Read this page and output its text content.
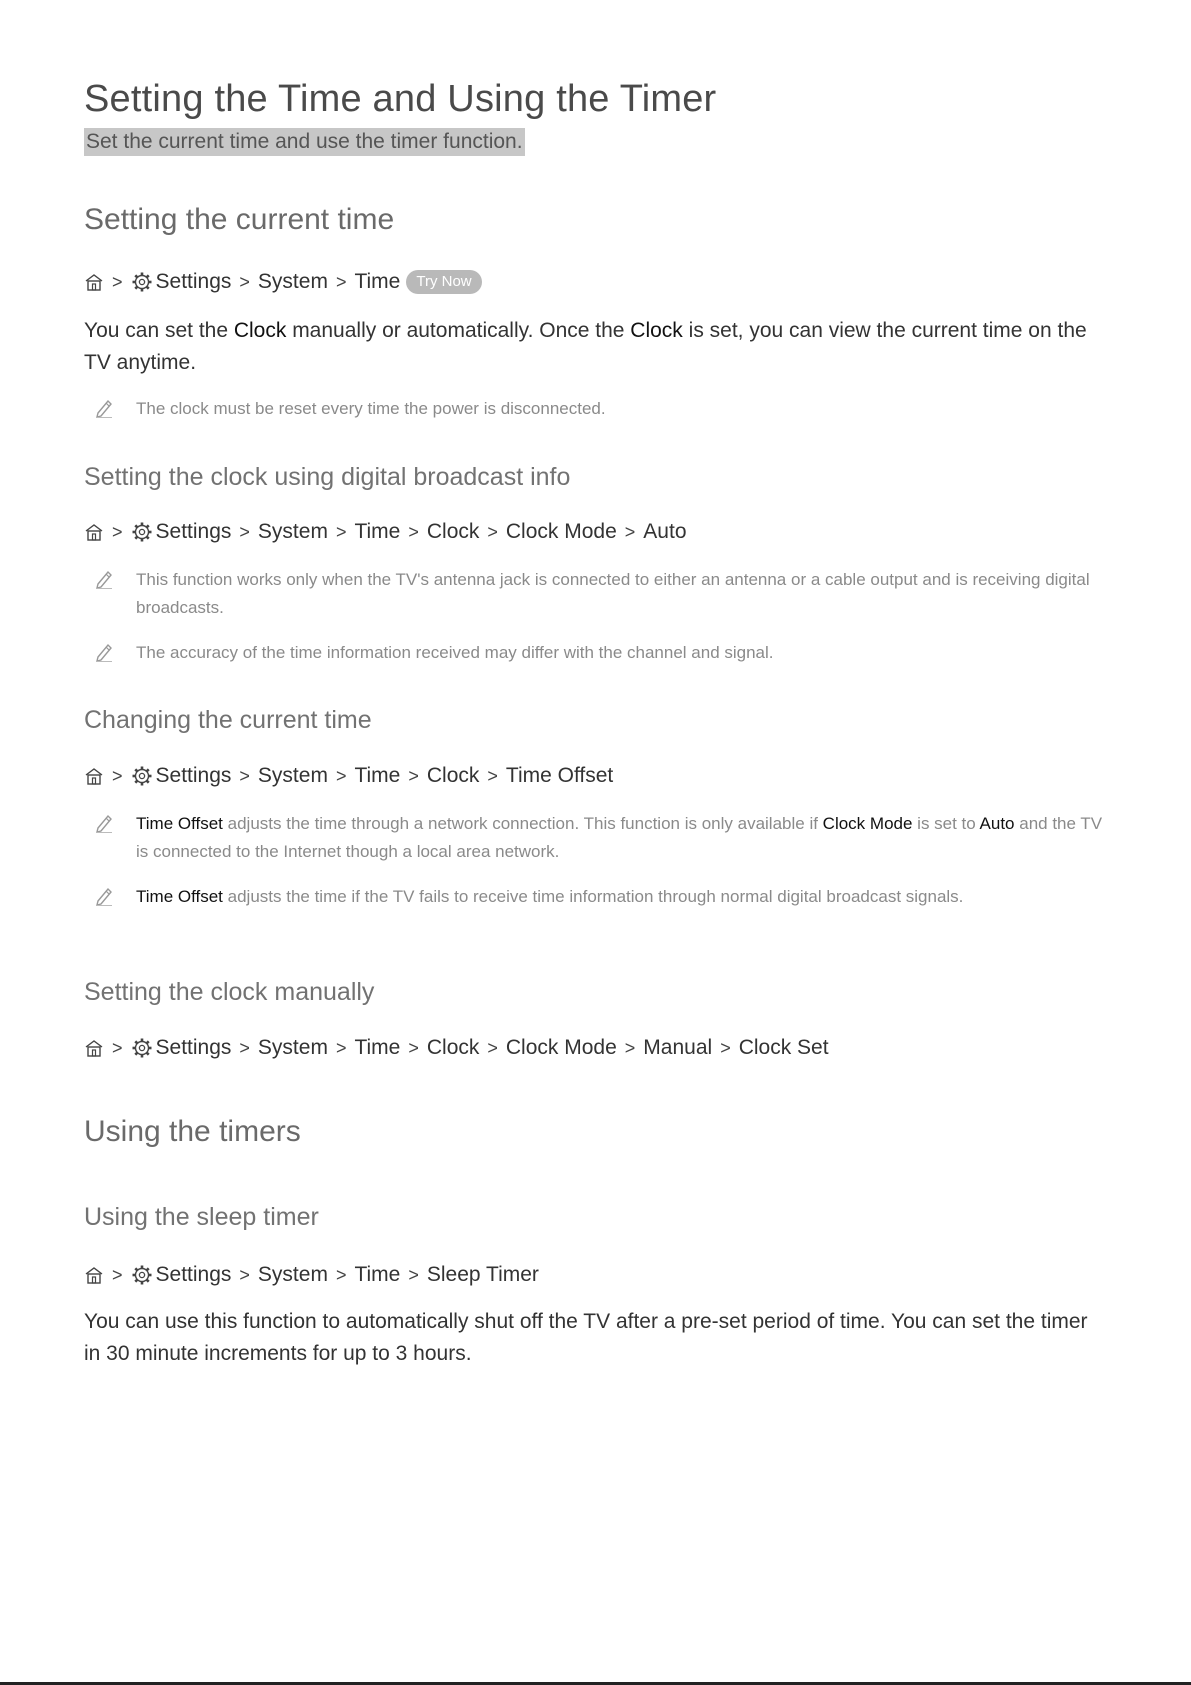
Setting the Time and Using the Timer
Set the current time and use the timer function.
Setting the current time
> Settings > System > Time	Try Now
You can set the Clock manually or automatically. Once the Clock is set, you can view the current time on the TV anytime.
The clock must be reset every time the power is disconnected.
Setting the clock using digital broadcast info
> Settings > System > Time > Clock > Clock Mode > Auto
This function works only when the TV's antenna jack is connected to either an antenna or a cable output and is receiving digital broadcasts.
The accuracy of the time information received may differ with the channel and signal.
Changing the current time
> Settings > System > Time > Clock > Time Offset
Time Offset adjusts the time through a network connection. This function is only available if Clock Mode is set to Auto and the TV is connected to the Internet though a local area network.
Time Offset adjusts the time if the TV fails to receive time information through normal digital broadcast signals.
Setting the clock manually
> Settings > System > Time > Clock > Clock Mode > Manual > Clock Set
Using the timers
Using the sleep timer
> Settings > System > Time > Sleep Timer
You can use this function to automatically shut off the TV after a pre-set period of time. You can set the timer in 30 minute increments for up to 3 hours.
